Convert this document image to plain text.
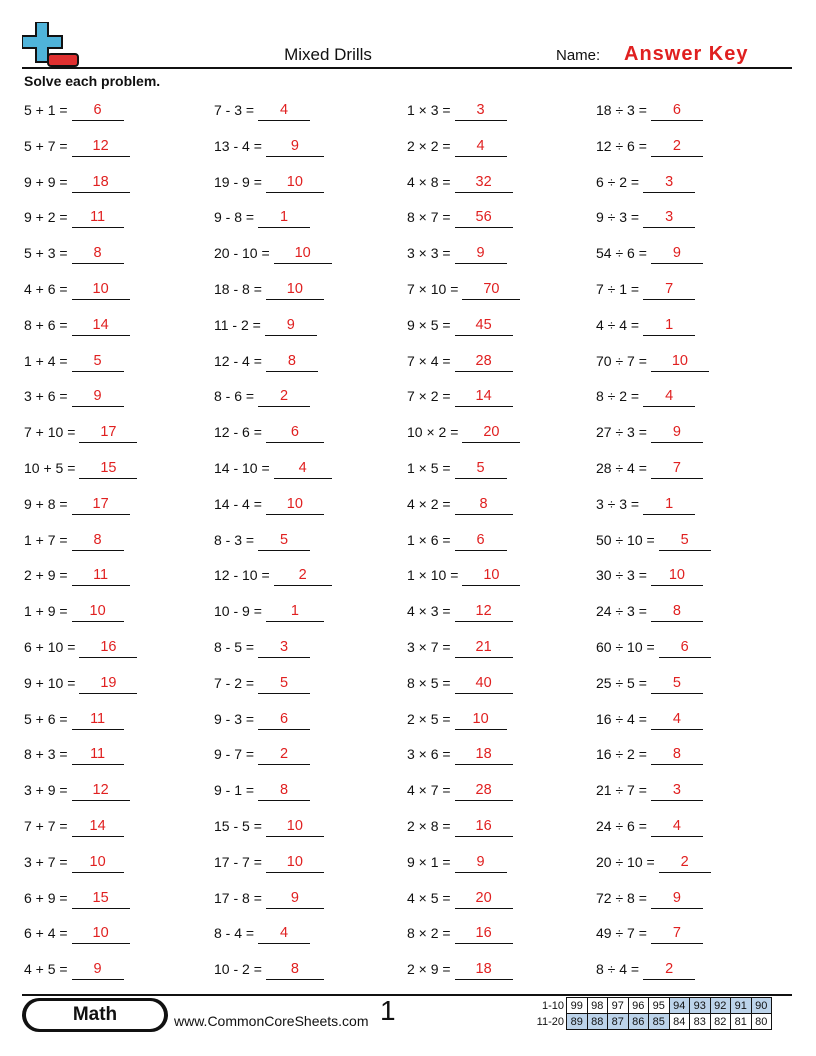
Mixed Drills	Name: Answer Key
Solve each problem.
5 + 1 =	6
5 + 7 =	12
9 + 9 =	18
9 + 2 =	11
5 + 3 =	8
4 + 6 =	10
8 + 6 =	14
1 + 4 =	5
3 + 6 =	9
7 + 10 =	17
10 + 5 =	15
9 + 8 =	17
1 + 7 =	8
2 + 9 =	11
1 + 9 =	10
6 + 10 =	16
9 + 10 =	19
5 + 6 =	11
8 + 3 =	11
3 + 9 =	12
7 + 7 =	14
3 + 7 =	10
6 + 9 =	15
6 + 4 =	10
4 + 5 =	9
7 - 3 =	4
13 - 4 =	9
19 - 9 =	10
9 - 8 =	1
20 - 10 =	10
18 - 8 =	10
11 - 2 =	9
12 - 4 =	8
8 - 6 =	2
12 - 6 =	6
14 - 10 =	4
14 - 4 =	10
8 - 3 =	5
12 - 10 =	2
10 - 9 =	1
8 - 5 =	3
7 - 2 =	5
9 - 3 =	6
9 - 7 =	2
9 - 1 =	8
15 - 5 =	10
17 - 7 =	10
17 - 8 =	9
8 - 4 =	4
10 - 2 =	8
1 × 3 =	3
2 × 2 =	4
4 × 8 =	32
8 × 7 =	56
3 × 3 =	9
7 × 10 =	70
9 × 5 =	45
7 × 4 =	28
7 × 2 =	14
10 × 2 =	20
1 × 5 =	5
4 × 2 =	8
1 × 6 =	6
1 × 10 =	10
4 × 3 =	12
3 × 7 =	21
8 × 5 =	40
2 × 5 =	10
3 × 6 =	18
4 × 7 =	28
2 × 8 =	16
9 × 1 =	9
4 × 5 =	20
8 × 2 =	16
2 × 9 =	18
18 ÷ 3 =	6
12 ÷ 6 =	2
6 ÷ 2 =	3
9 ÷ 3 =	3
54 ÷ 6 =	9
7 ÷ 1 =	7
4 ÷ 4 =	1
70 ÷ 7 =	10
8 ÷ 2 =	4
27 ÷ 3 =	9
28 ÷ 4 =	7
3 ÷ 3 =	1
50 ÷ 10 =	5
30 ÷ 3 =	10
24 ÷ 3 =	8
60 ÷ 10 =	6
25 ÷ 5 =	5
16 ÷ 4 =	4
16 ÷ 2 =	8
21 ÷ 7 =	3
24 ÷ 6 =	4
20 ÷ 10 =	2
72 ÷ 8 =	9
49 ÷ 7 =	7
8 ÷ 4 =	2
Math	www.CommonCoreSheets.com 1	1-10	99	98	97	96	95	94	93	92	91	90
11-20	89	88	87	86	85	84	83	82	81	80
